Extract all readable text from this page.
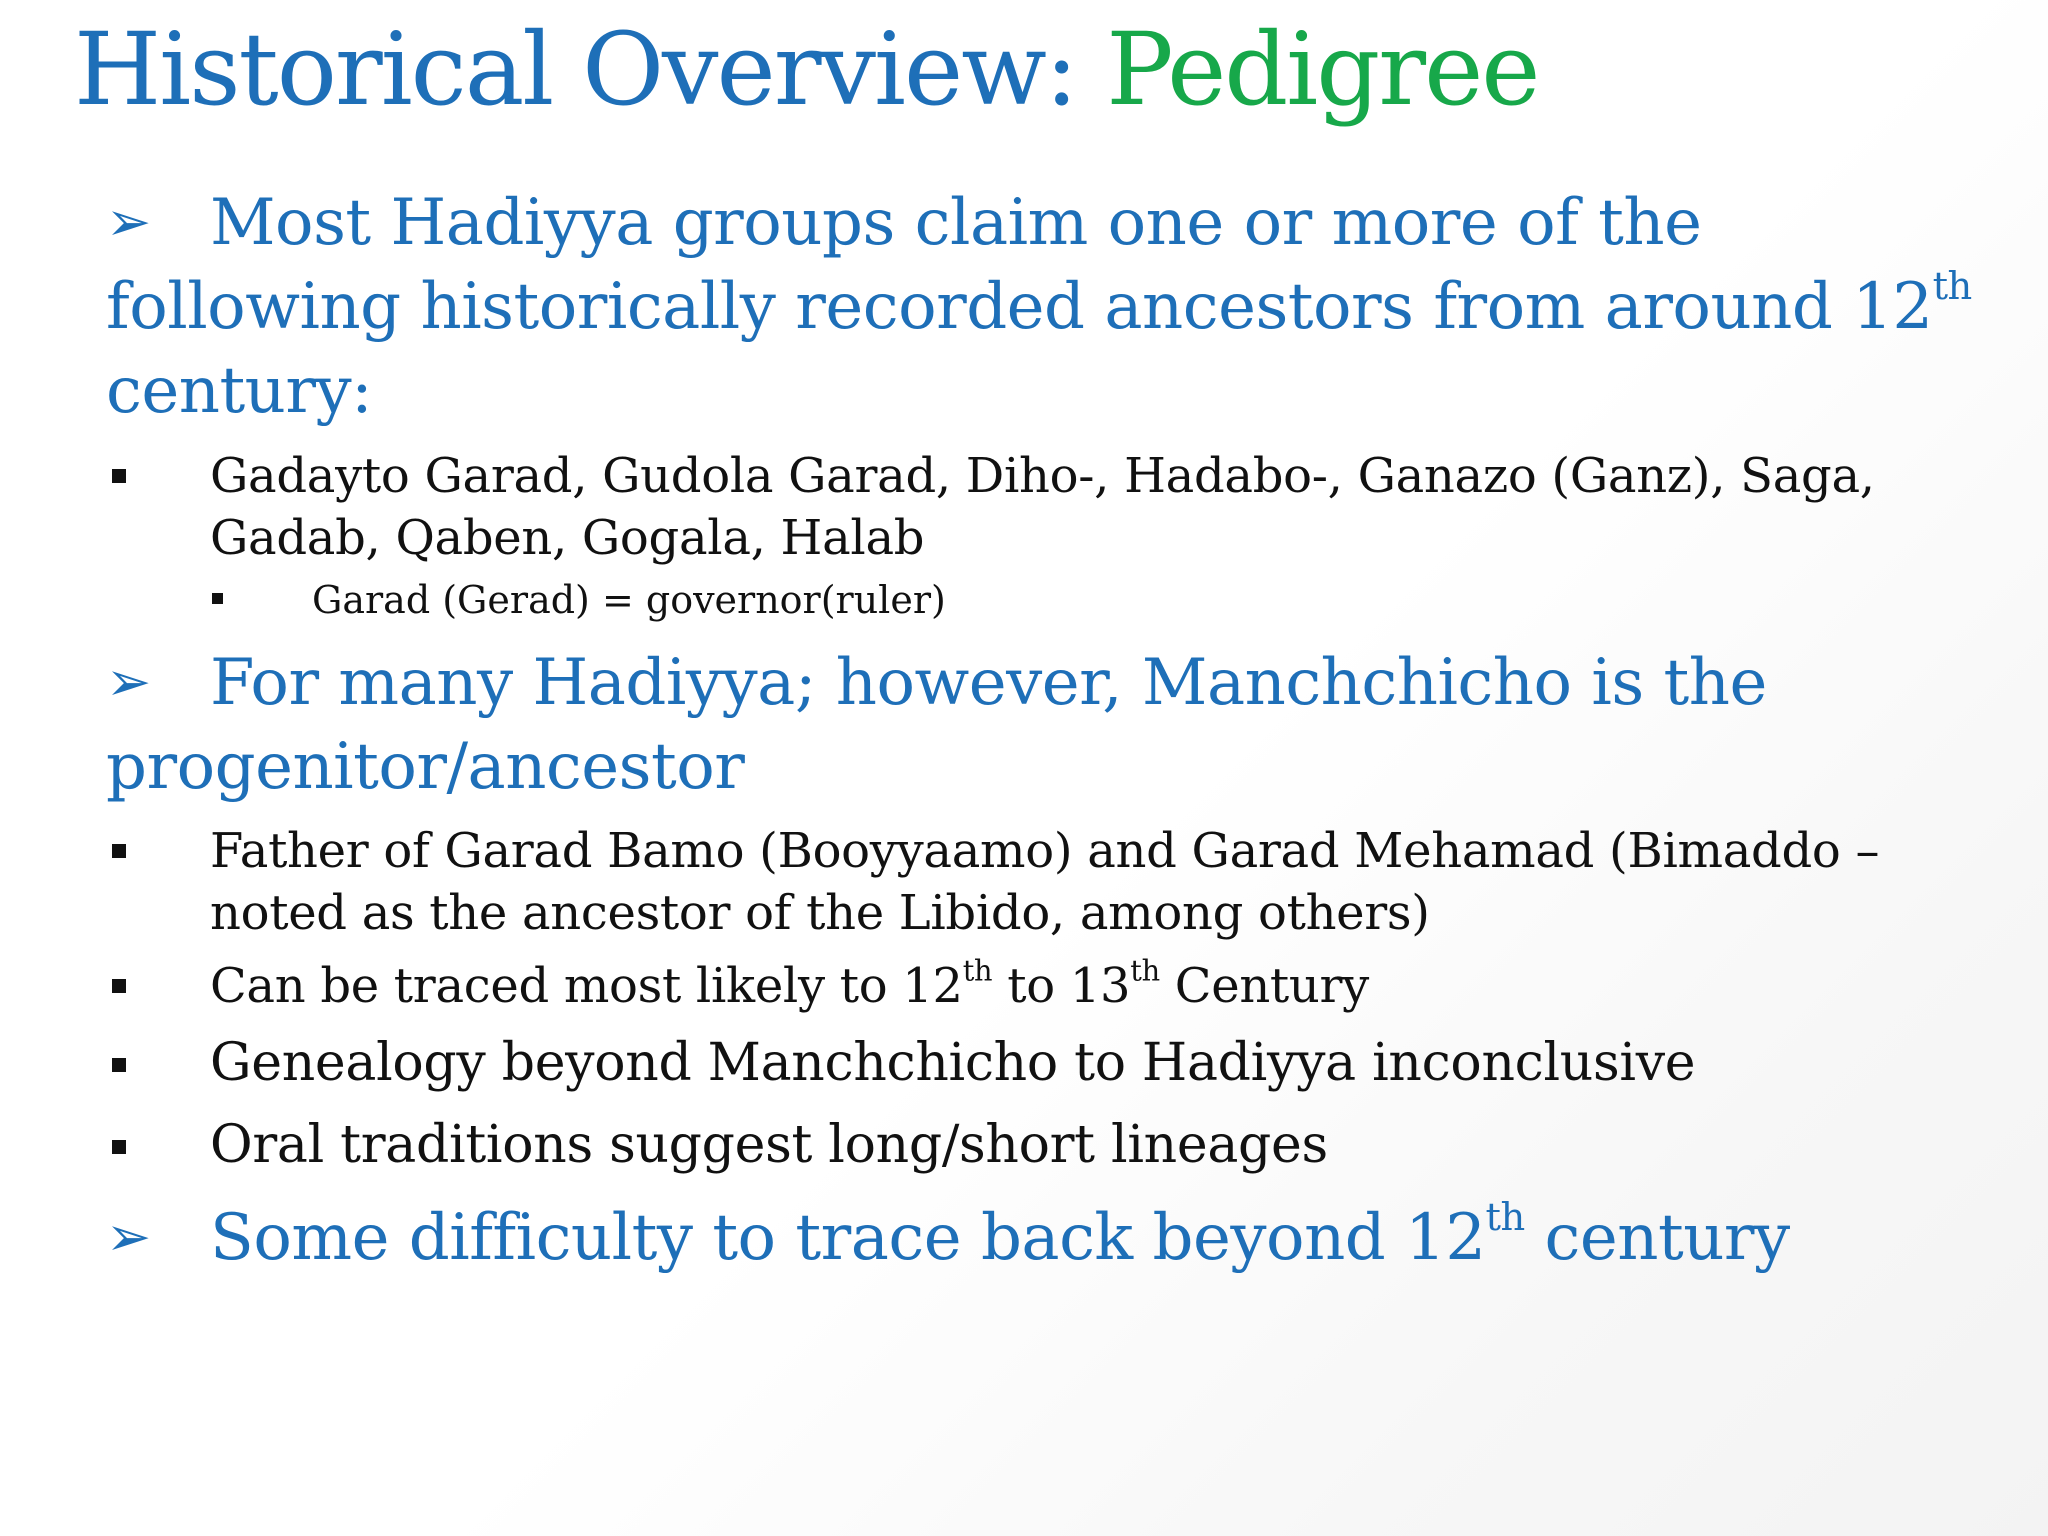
Historical Overview: Pedigree

➢ Most Hadiyya groups claim one or more of the following historically recorded ancestors from around 12th century:

Gadayto Garad, Gudola Garad, Diho-, Hadabo-, Ganazo (Ganz), Saga, Gadab, Qaben, Gogala, Halab

Garad (Gerad) = governor(ruler)

➢ For many Hadiyya; however, Manchchicho is the progenitor/ancestor

Father of Garad Bamo (Booyyaamo) and Garad Mehamad (Bimaddo – noted as the ancestor of the Libido, among others)

Can be traced most likely to 12th to 13th Century

Genealogy beyond Manchchicho to Hadiyya inconclusive

Oral traditions suggest long/short lineages

➢ Some difficulty to trace back beyond 12th century
